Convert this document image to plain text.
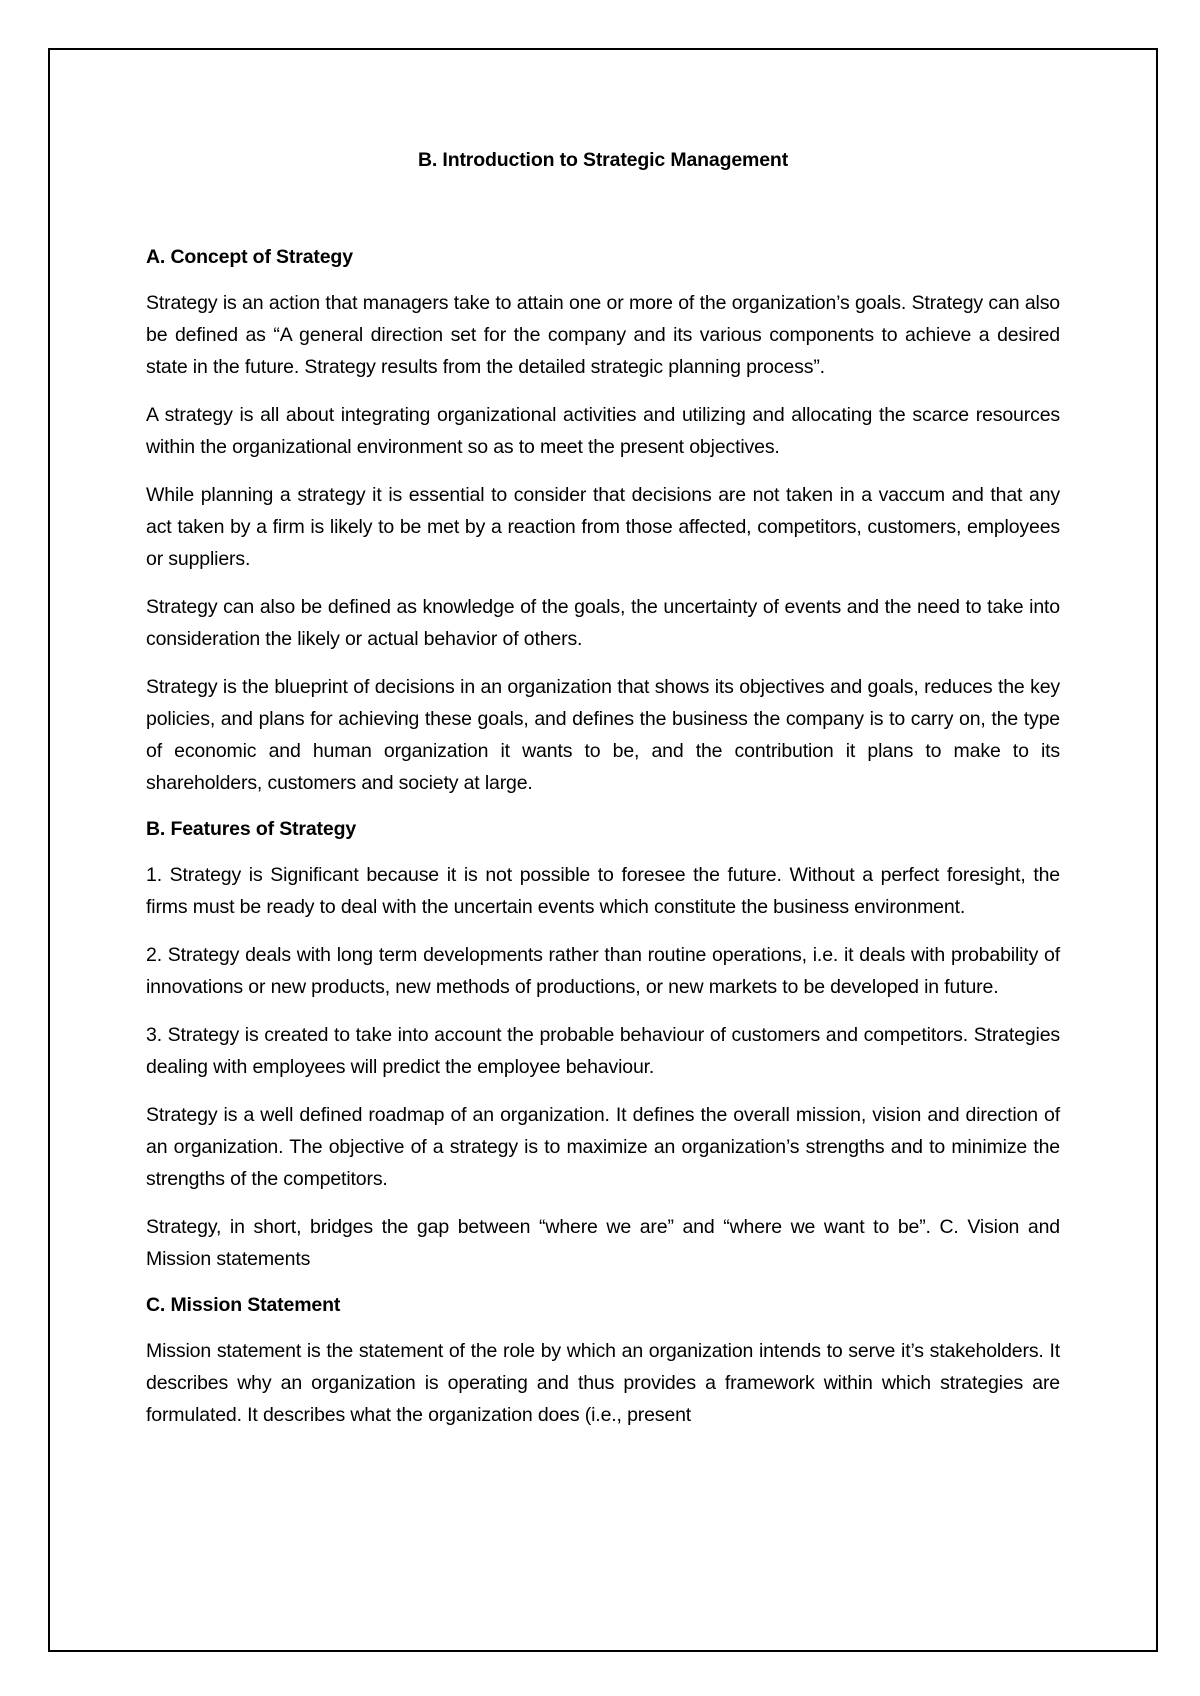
B. Introduction to Strategic Management
A. Concept of Strategy

Strategy is an action that managers take to attain one or more of the organization’s goals. Strategy can also be defined as “A general direction set for the company and its various components to achieve a desired state in the future. Strategy results from the detailed strategic planning process”.

A strategy is all about integrating organizational activities and utilizing and allocating the scarce resources within the organizational environment so as to meet the present objectives.

While planning a strategy it is essential to consider that decisions are not taken in a vaccum and that any act taken by a firm is likely to be met by a reaction from those affected, competitors, customers, employees or suppliers.

Strategy can also be defined as knowledge of the goals, the uncertainty of events and the need to take into consideration the likely or actual behavior of others.

Strategy is the blueprint of decisions in an organization that shows its objectives and goals, reduces the key policies, and plans for achieving these goals, and defines the business the company is to carry on, the type of economic and human organization it wants to be, and the contribution it plans to make to its shareholders, customers and society at large.

B. Features of Strategy

1. Strategy is Significant because it is not possible to foresee the future. Without a perfect foresight, the firms must be ready to deal with the uncertain events which constitute the business environment.

2. Strategy deals with long term developments rather than routine operations, i.e. it deals with probability of innovations or new products, new methods of productions, or new markets to be developed in future.

3. Strategy is created to take into account the probable behaviour of customers and competitors. Strategies dealing with employees will predict the employee behaviour.

Strategy is a well defined roadmap of an organization. It defines the overall mission, vision and direction of an organization. The objective of a strategy is to maximize an organization’s strengths and to minimize the strengths of the competitors.

Strategy, in short, bridges the gap between “where we are” and “where we want to be”. C. Vision and Mission statements

C. Mission Statement

Mission statement is the statement of the role by which an organization intends to serve it’s stakeholders. It describes why an organization is operating and thus provides a framework within which strategies are formulated. It describes what the organization does (i.e., present
